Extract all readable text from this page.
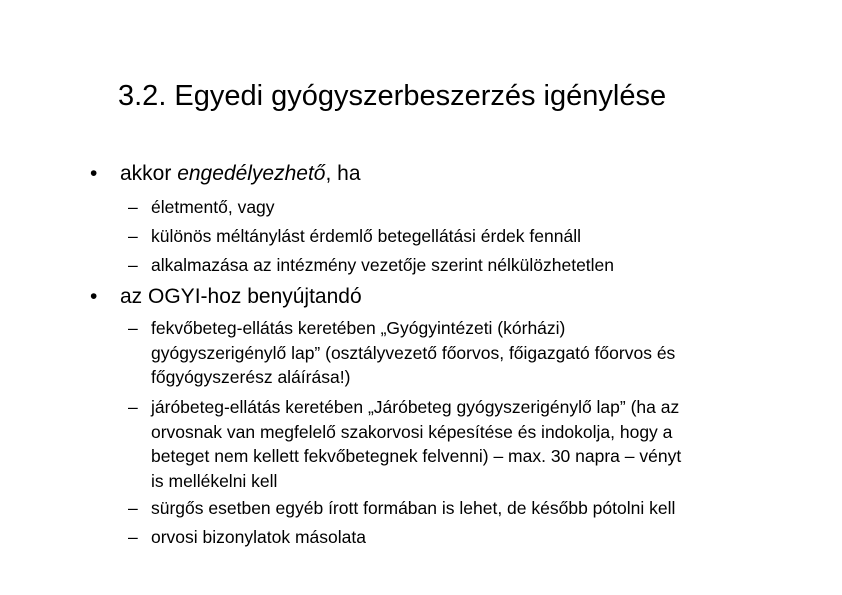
3.2. Egyedi gyógyszerbeszerzés igénylése
•	akkor engedélyezhető, ha
– életmentő, vagy
– különös méltánylást érdemlő betegellátási érdek fennáll
– alkalmazása az intézmény vezetője szerint nélkülözhetetlen
•	az OGYI-hoz benyújtandó
– fekvőbeteg-ellátás keretében „Gyógyintézeti (kórházi)
gyógyszerigénylő lap” (osztályvezető főorvos, főigazgató főorvos és
főgyógyszerész aláírása!)
– járóbeteg-ellátás keretében „Járóbeteg gyógyszerigénylő lap” (ha az
orvosnak van megfelelő szakorvosi képesítése és indokolja, hogy a
beteget nem kellett fekvőbetegnek felvenni) – max. 30 napra – vényt
is mellékelni kell
– sürgős esetben egyéb írott formában is lehet, de később pótolni kell
– orvosi bizonylatok másolata
